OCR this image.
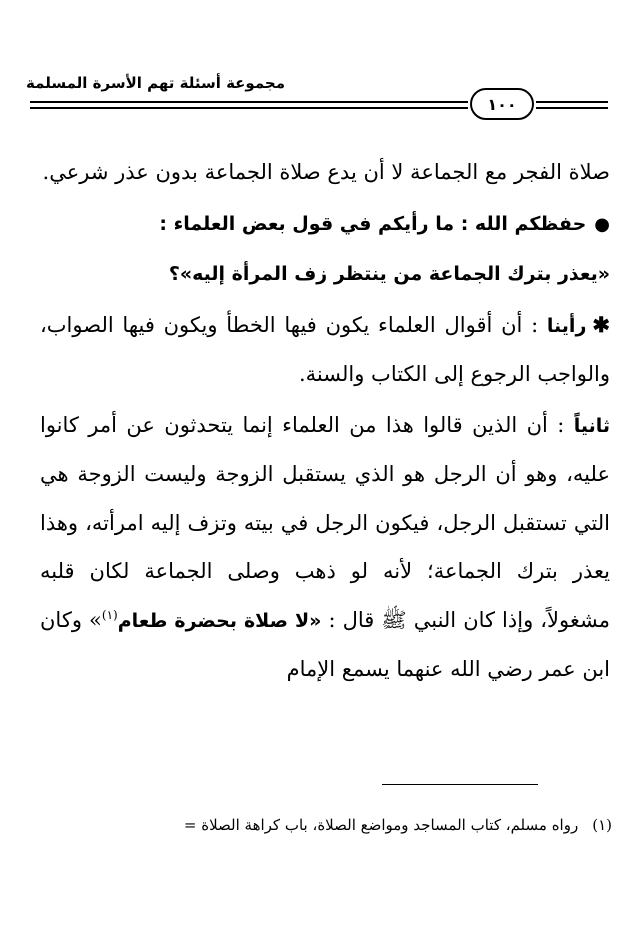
مجموعة أسئلة تهم الأسرة المسلمة
١٠٠

صلاة الفجر مع الجماعة لا أن يدع صلاة الجماعة بدون عذر شرعي.

●حفظكم الله : ما رأيكم في قول بعض العلماء :
«يعذر بترك الجماعة من ينتظر زف المرأة إليه»؟

✱رأينا : أن أقوال العلماء يكون فيها الخطأ ويكون فيها الصواب، والواجب الرجوع إلى الكتاب والسنة.

ثانياً : أن الذين قالوا هذا من العلماء إنما يتحدثون عن أمر كانوا عليه، وهو أن الرجل هو الذي يستقبل الزوجة وليست الزوجة هي التي تستقبل الرجل، فيكون الرجل في بيته وتزف إليه امرأته، وهذا يعذر بترك الجماعة؛ لأنه لو ذهب وصلى الجماعة لكان قلبه مشغولاً، وإذا كان النبي ﷺ قال : «لا صلاة بحضرة طعام$^{(١)}$» وكان ابن عمر رضي الله عنهما يسمع الإمام

(١)رواه مسلم، كتاب المساجد ومواضع الصلاة، باب كراهة الصلاة =
